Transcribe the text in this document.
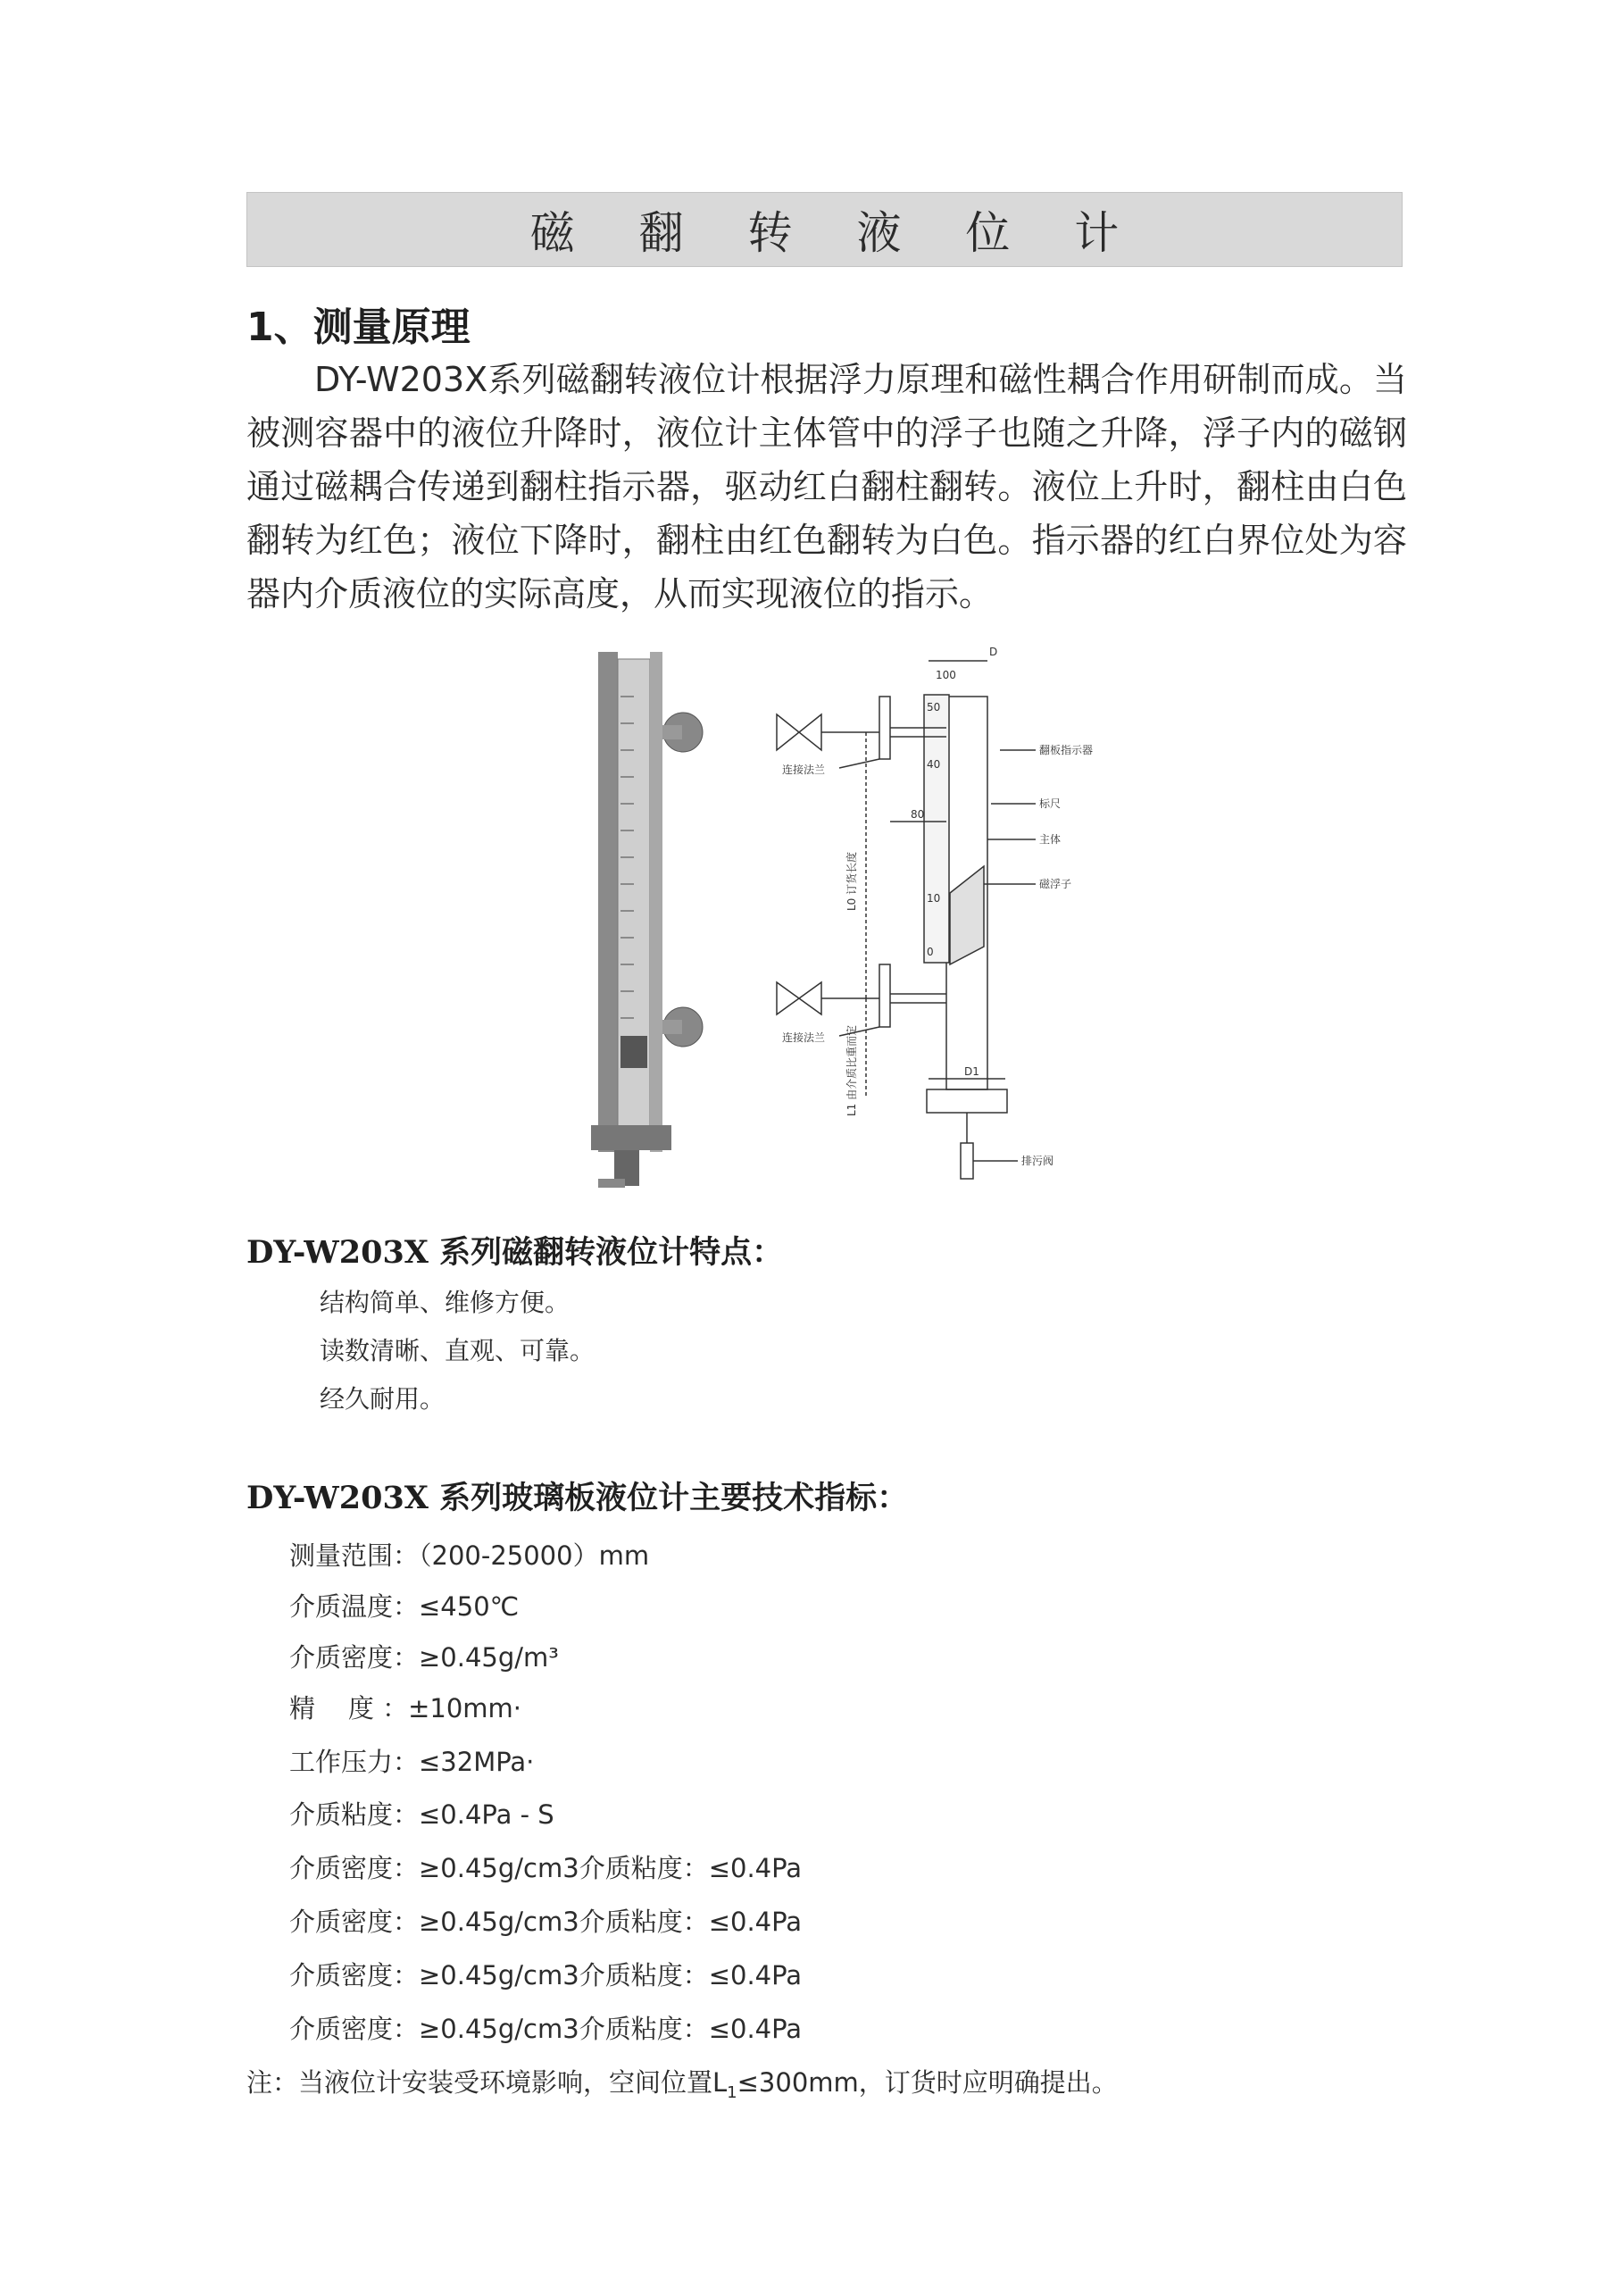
磁 翻 转 液 位 计
1、测量原理
DY-W203X系列磁翻转液位计根据浮力原理和磁性耦合作用研制而成。当被测容器中的液位升降时，液位计主体管中的浮子也随之升降，浮子内的磁钢通过磁耦合传递到翻柱指示器，驱动红白翻柱翻转。液位上升时，翻柱由白色翻转为红色；液位下降时，翻柱由红色翻转为白色。指示器的红白界位处为容器内介质液位的实际高度，从而实现液位的指示。
D
100
50
40
10
0
翻板指示器
标尺
主体
磁浮子
80
D1
排污阀
连接法兰
连接法兰
L0 订货长度
L1 由介质比重而定
DY-W203X 系列磁翻转液位计特点：
结构简单、维修方便。
读数清晰、直观、可靠。
经久耐用。
DY-W203X 系列玻璃板液位计主要技术指标：
测量范围：（200-25000）mm
介质温度：≤450℃
介质密度：≥0.45g/m³
精    度 ：±10mm·
工作压力：≤32MPa·
介质粘度：≤0.4Pa - S
介质密度：≥0.45g/cm3介质粘度：≤0.4Pa
介质密度：≥0.45g/cm3介质粘度：≤0.4Pa
介质密度：≥0.45g/cm3介质粘度：≤0.4Pa
介质密度：≥0.45g/cm3介质粘度：≤0.4Pa
注：当液位计安装受环境影响，空间位置$L_1\le 300mm$，订货时应明确提出。
